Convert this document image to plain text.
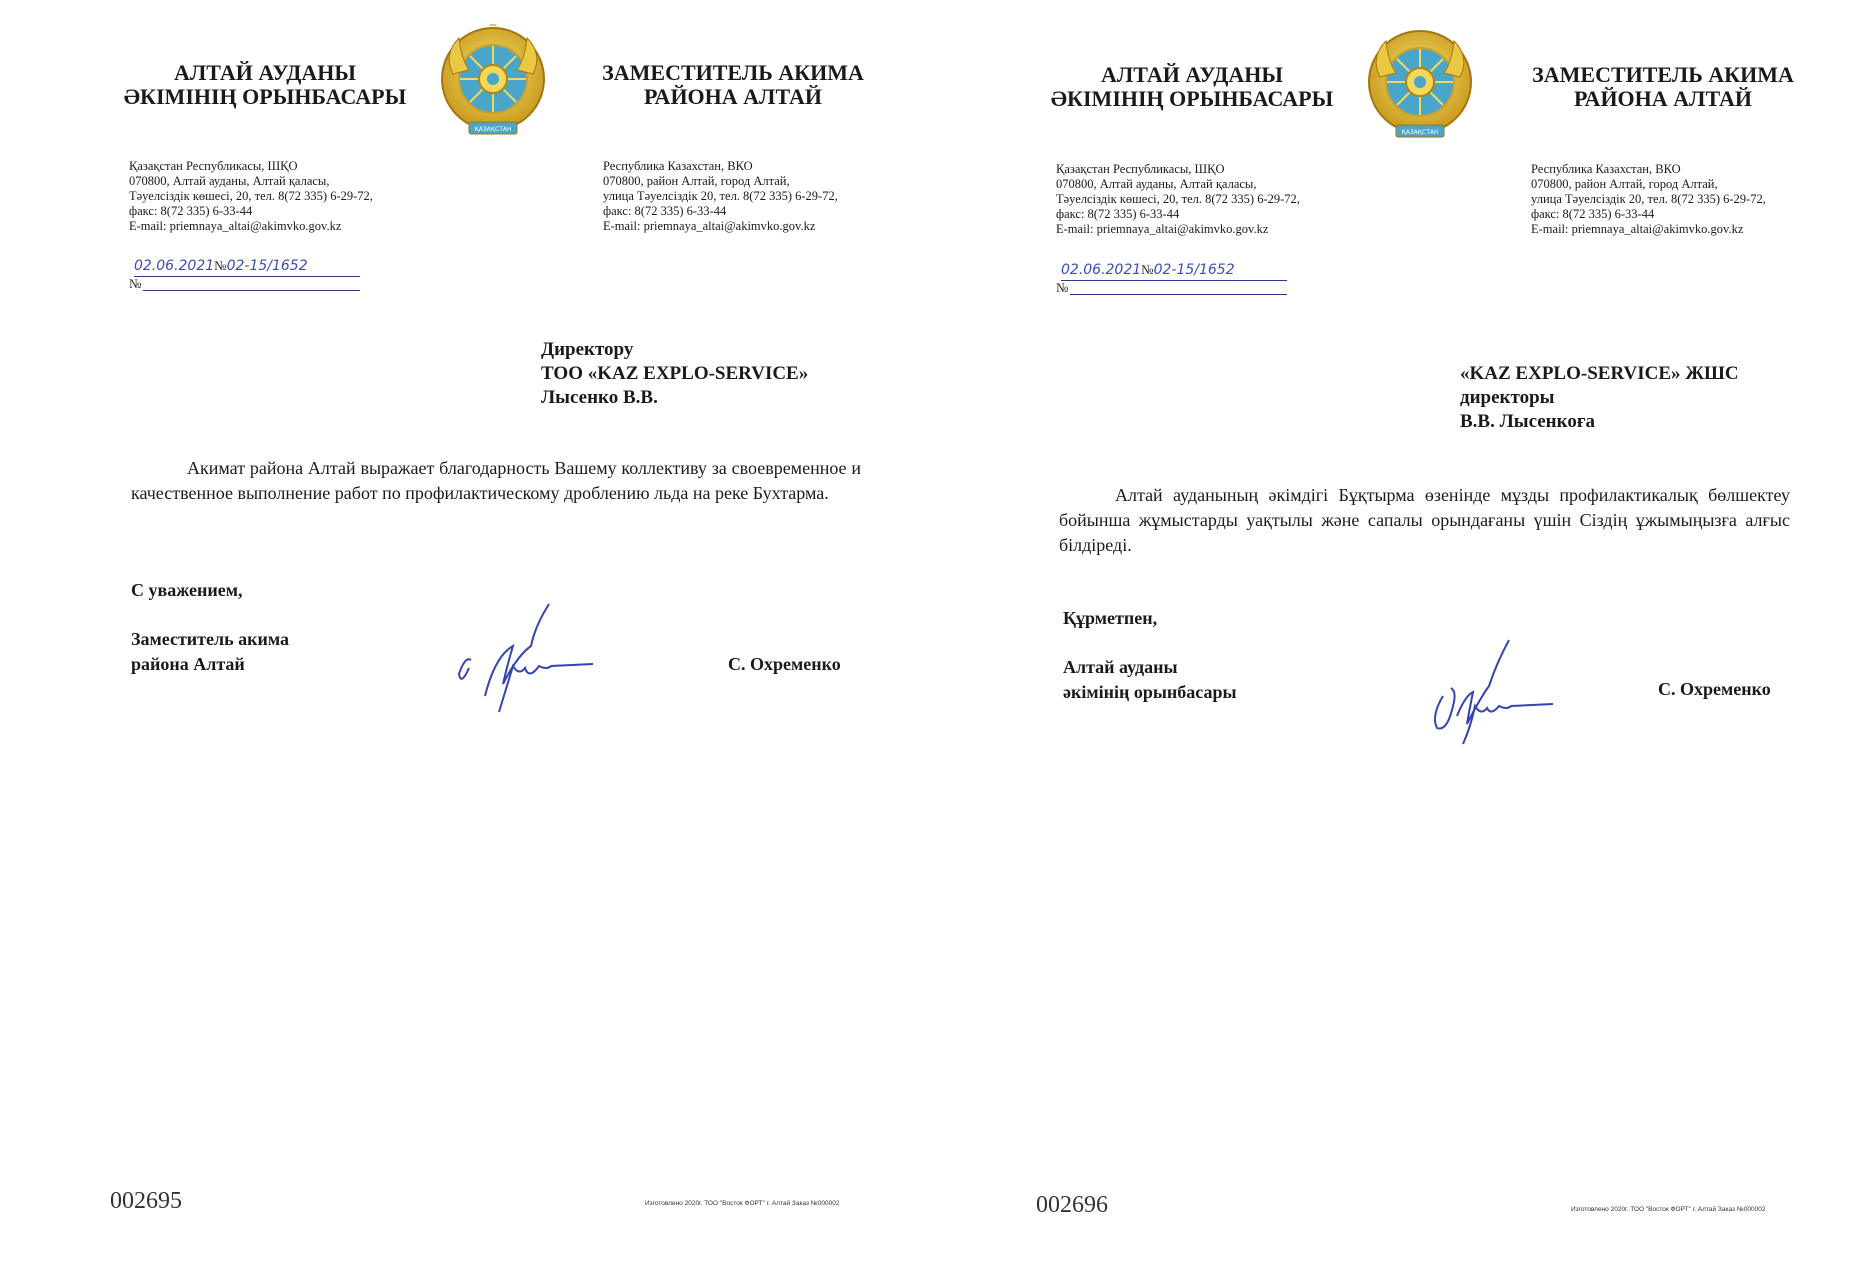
АЛТАЙ АУДАНЫ
ӘКІМІНІҢ ОРЫНБАСАРЫ
ҚАЗАҚСТАН
ЗАМЕСТИТЕЛЬ АКИМА
РАЙОНА АЛТАЙ
Қазақстан Республикасы, ШҚО
070800, Алтай ауданы, Алтай қаласы,
Тәуелсіздік көшесі, 20, тел. 8(72 335) 6-29-72,
факс: 8(72 335) 6-33-44
E-mail: priemnaya_altai@akimvko.gov.kz
Республика Казахстан, ВКО
070800, район Алтай, город Алтай,
улица Тәуелсіздік 20, тел. 8(72 335) 6-29-72,
факс: 8(72 335) 6-33-44
E-mail: priemnaya_altai@akimvko.gov.kz
02.06.2021№02-15/1652
№
Директору
ТОО «KAZ EXPLO-SERVICE»
Лысенко В.В.
Акимат района Алтай выражает благодарность Вашему коллективу за своевременное и качественное выполнение работ по профилактическому дроблению льда на реке Бухтарма.
С уважением,
Заместитель акима
района Алтай	С. Охременко
002695	Изготовлено 2020г. ТОО "Восток ФОРТ" г. Алтай Заказ №000002
АЛТАЙ АУДАНЫ
ӘКІМІНІҢ ОРЫНБАСАРЫ
ҚАЗАҚСТАН
ЗАМЕСТИТЕЛЬ АКИМА
РАЙОНА АЛТАЙ
Қазақстан Республикасы, ШҚО
070800, Алтай ауданы, Алтай қаласы,
Тәуелсіздік көшесі, 20, тел. 8(72 335) 6-29-72,
факс: 8(72 335) 6-33-44
E-mail: priemnaya_altai@akimvko.gov.kz
Республика Казахстан, ВКО
070800, район Алтай, город Алтай,
улица Тәуелсіздік 20, тел. 8(72 335) 6-29-72,
факс: 8(72 335) 6-33-44
E-mail: priemnaya_altai@akimvko.gov.kz
02.06.2021№02-15/1652
№
«KAZ EXPLO-SERVICE» ЖШС
директоры
В.В. Лысенкоға
Алтай ауданының әкімдігі Бұқтырма өзенінде мұзды профилактикалық бөлшектеу бойынша жұмыстарды уақтылы және сапалы орындағаны үшін Сіздің ұжымыңызға алғыс білдіреді.
Құрметпен,
Алтай ауданы
әкімінің орынбасары	С. Охременко
002696	Изготовлено 2020г. ТОО "Восток ФОРТ" г. Алтай Заказ №000002
